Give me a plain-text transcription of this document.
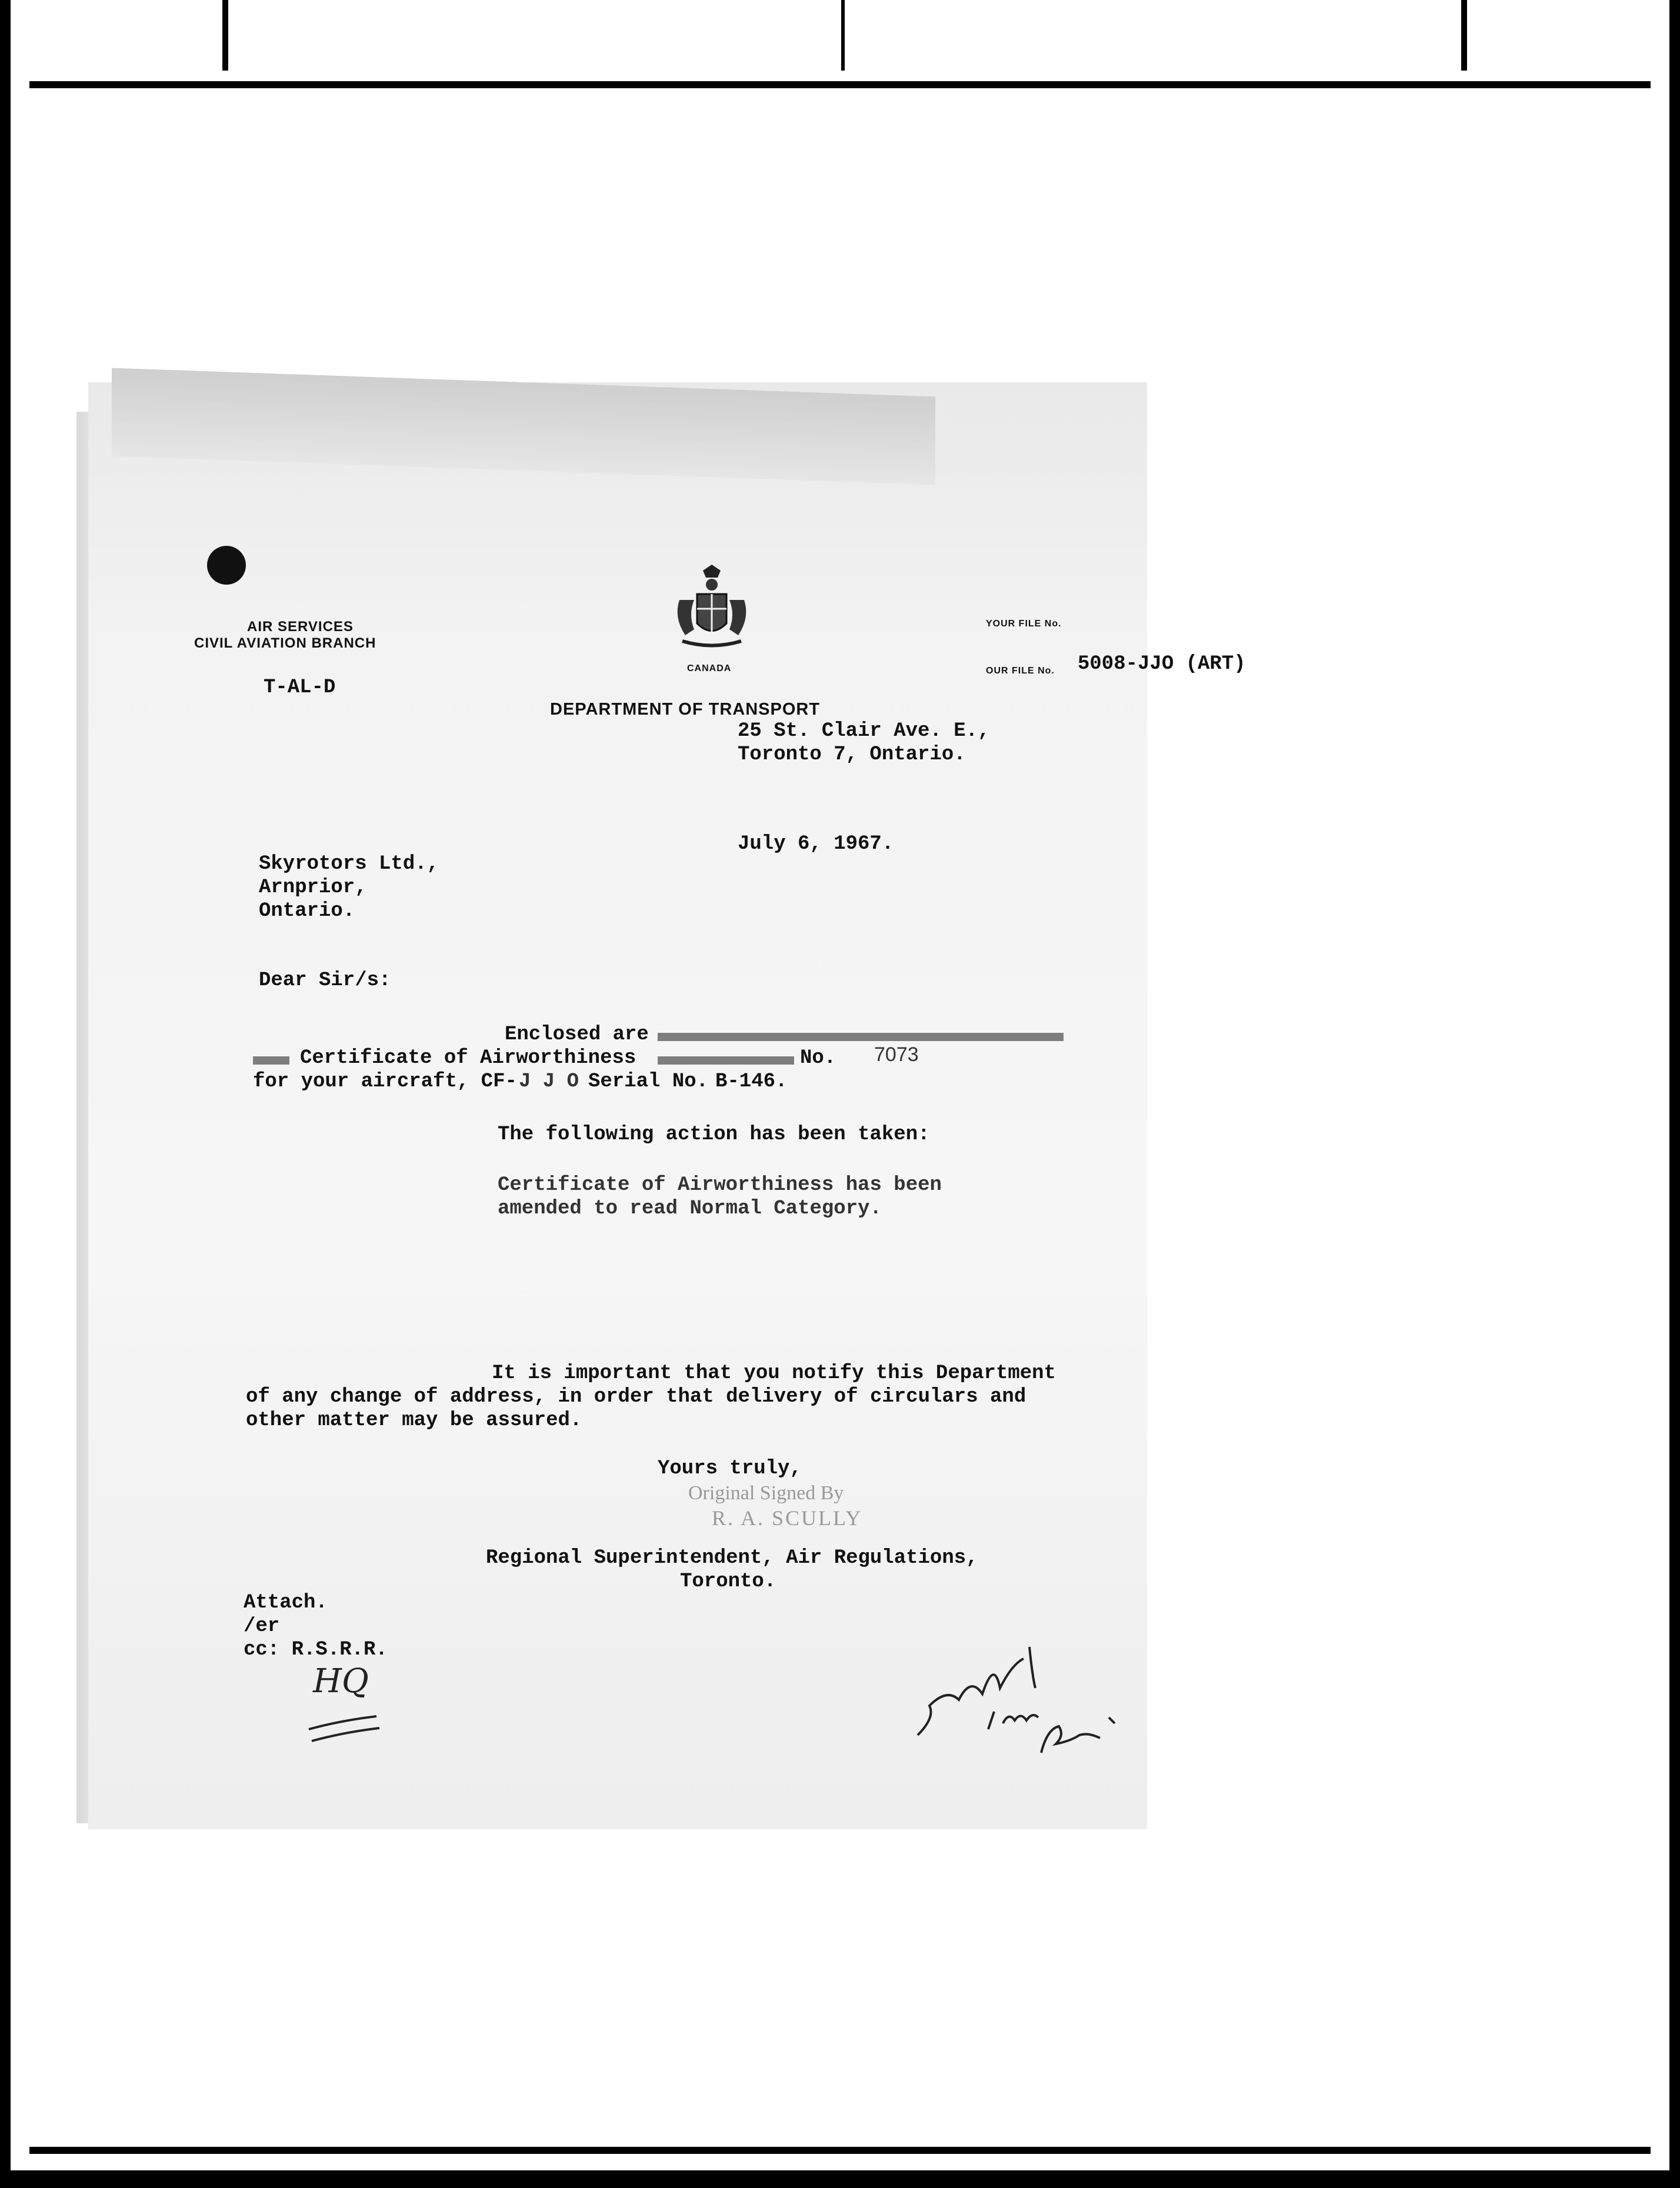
AIR SERVICES
CIVIL AVIATION BRANCH
CANADA
YOUR FILE No.
OUR FILE No. 5008-JJO (ART)
T-AL-D
DEPARTMENT OF TRANSPORT
25 St. Clair Ave. E.,
Toronto 7, Ontario.
July 6, 1967.
Skyrotors Ltd.,
Arnprior,
Ontario.
Dear Sir/s:
Enclosed are
Certificate of Airworthiness	No. 7073
for your aircraft, CF- J J O Serial No. B-146.
The following action has been taken:
Certificate of Airworthiness has been
amended to read Normal Category.
It is important that you notify this Department
of any change of address, in order that delivery of circulars and
other matter may be assured.
Yours truly,
Original Signed By
R. A. SCULLY
Regional Superintendent, Air Regulations,
Toronto.
Attach.
/er
cc: R.S.R.R.
HQ
